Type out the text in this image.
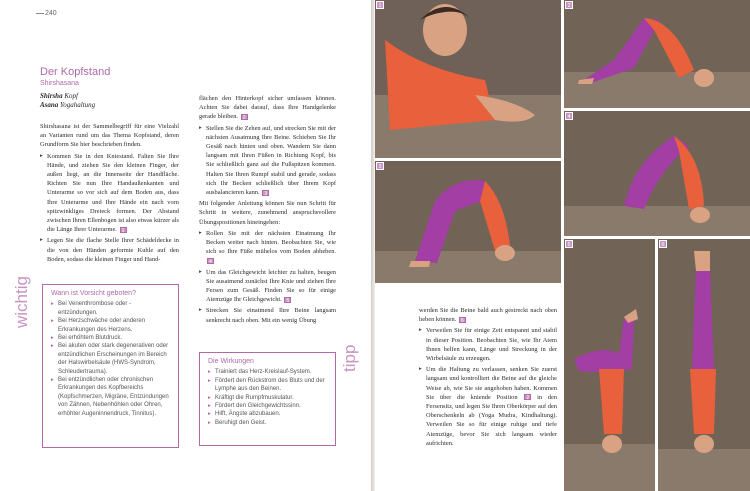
240
Der Kopfstand
Shirshasana
Shirsha Kopf
Asana Yogahaltung

Shirshasana ist der Sammelbegriff für eine Vielzahl an Varianten rund um das Thema Kopfstand, deren Grundform Sie hier beschrieben finden.

▸ Kommen Sie in den Kniestand. Falten Sie Ihre Hände, und ziehen Sie den kleinen Finger, der außen liegt, an die Innenseite der Handfläche. Richten Sie nun Ihre Handaußenkanten und Unterarme so vor sich auf dem Boden aus, dass Ihre Unterarme und Ihre Hände ein nach vorn spitzwinkliges Dreieck formen. Der Abstand zwischen Ihren Ellenbogen ist also etwas kürzer als die Länge Ihrer Unterarme. 1

▸ Legen Sie die flache Stelle Ihrer Schädeldecke in die von den Händen geformte Kuhle auf den Boden, sodass die kleinen Finger und Hand-

flächen den Hinterkopf sicher umfassen können. Achten Sie dabei darauf, dass Ihre Handgelenke gerade bleiben. 2

▸ Stellen Sie die Zehen auf, und strecken Sie mit der nächsten Ausatmung Ihre Beine. Schieben Sie Ihr Gesäß nach hinten und oben. Wandern Sie dann langsam mit Ihren Füßen in Richtung Kopf, bis Sie schließlich ganz auf die Fußspitzen kommen. Halten Sie Ihren Rumpf stabil und gerade, sodass sich Ihr Becken schließlich über Ihrem Kopf ausbalancieren kann. 3

Mit folgender Anleitung können Sie nun Schritt für Schritt in weitere, zunehmend anspruchsvollere Übungspositionen hineingehen:

▸ Rollen Sie mit der nächsten Einatmung Ihr Becken weiter nach hinten. Beobachten Sie, wie sich so Ihre Füße mühelos vom Boden abheben. 4

▸ Um das Gleichgewicht leichter zu halten, beugen Sie ausatmend zunächst Ihre Knie und ziehen Ihre Fersen zum Gesäß. Finden Sie so für einige Atemzüge Ihr Gleichgewicht. 5

▸ Strecken Sie einatmend Ihre Beine langsam senkrecht nach oben. Mit ein wenig Übung

wichtig	Wann ist Vorsicht geboten?
▸ Bei Venenthrombose oder -entzündungen.
▸ Bei Herzschwäche oder anderen Erkrankungen des Herzens.
▸ Bei erhöhtem Blutdruck.
▸ Bei akuten oder stark degenerativen oder entzündlichen Erscheinungen im Bereich der Halswirbelsäule (HWS-Syndrom, Schleudertrauma).
▸ Bei entzündlichen oder chronischen Erkrankungen des Kopfbereichs (Kopfschmerzen, Migräne, Entzündungen von Zähnen, Nebenhöhlen oder Ohren, erhöhter Augeninnendruck, Tinnitus).
tipp
Die Wirkungen
▸ Trainiert das Herz-Kreislauf-System.
▸ Fördert den Rückstrom des Bluts und der Lymphe aus den Beinen.
▸ Kräftigt die Rumpfmuskulatur.
▸ Fördert den Gleichgewichtssinn.
▸ Hilft, Ängste abzubauen.
▸ Beruhigt den Geist.
1	2
3
4
5	6

werden Sie die Beine bald auch gestreckt nach oben heben können. 6

▸ Verweilen Sie für einige Zeit entspannt und stabil in dieser Position. Beobachten Sie, wie Ihr Atem Ihnen helfen kann, Länge und Streckung in der Wirbelsäule zu erzeugen.

▸ Um die Haltung zu verlassen, senken Sie zuerst langsam und kontrolliert die Beine auf die gleiche Weise ab, wie Sie sie angehoben haben. Kommen Sie über die kniende Position 2 in den Fersensitz, und legen Sie Ihren Oberkörper auf den Oberschenkeln ab (Yoga Mudra, Kindhaltung). Verweilen Sie so für einige ruhige und tiefe Atemzüge, bevor Sie sich langsam wieder aufrichten.
